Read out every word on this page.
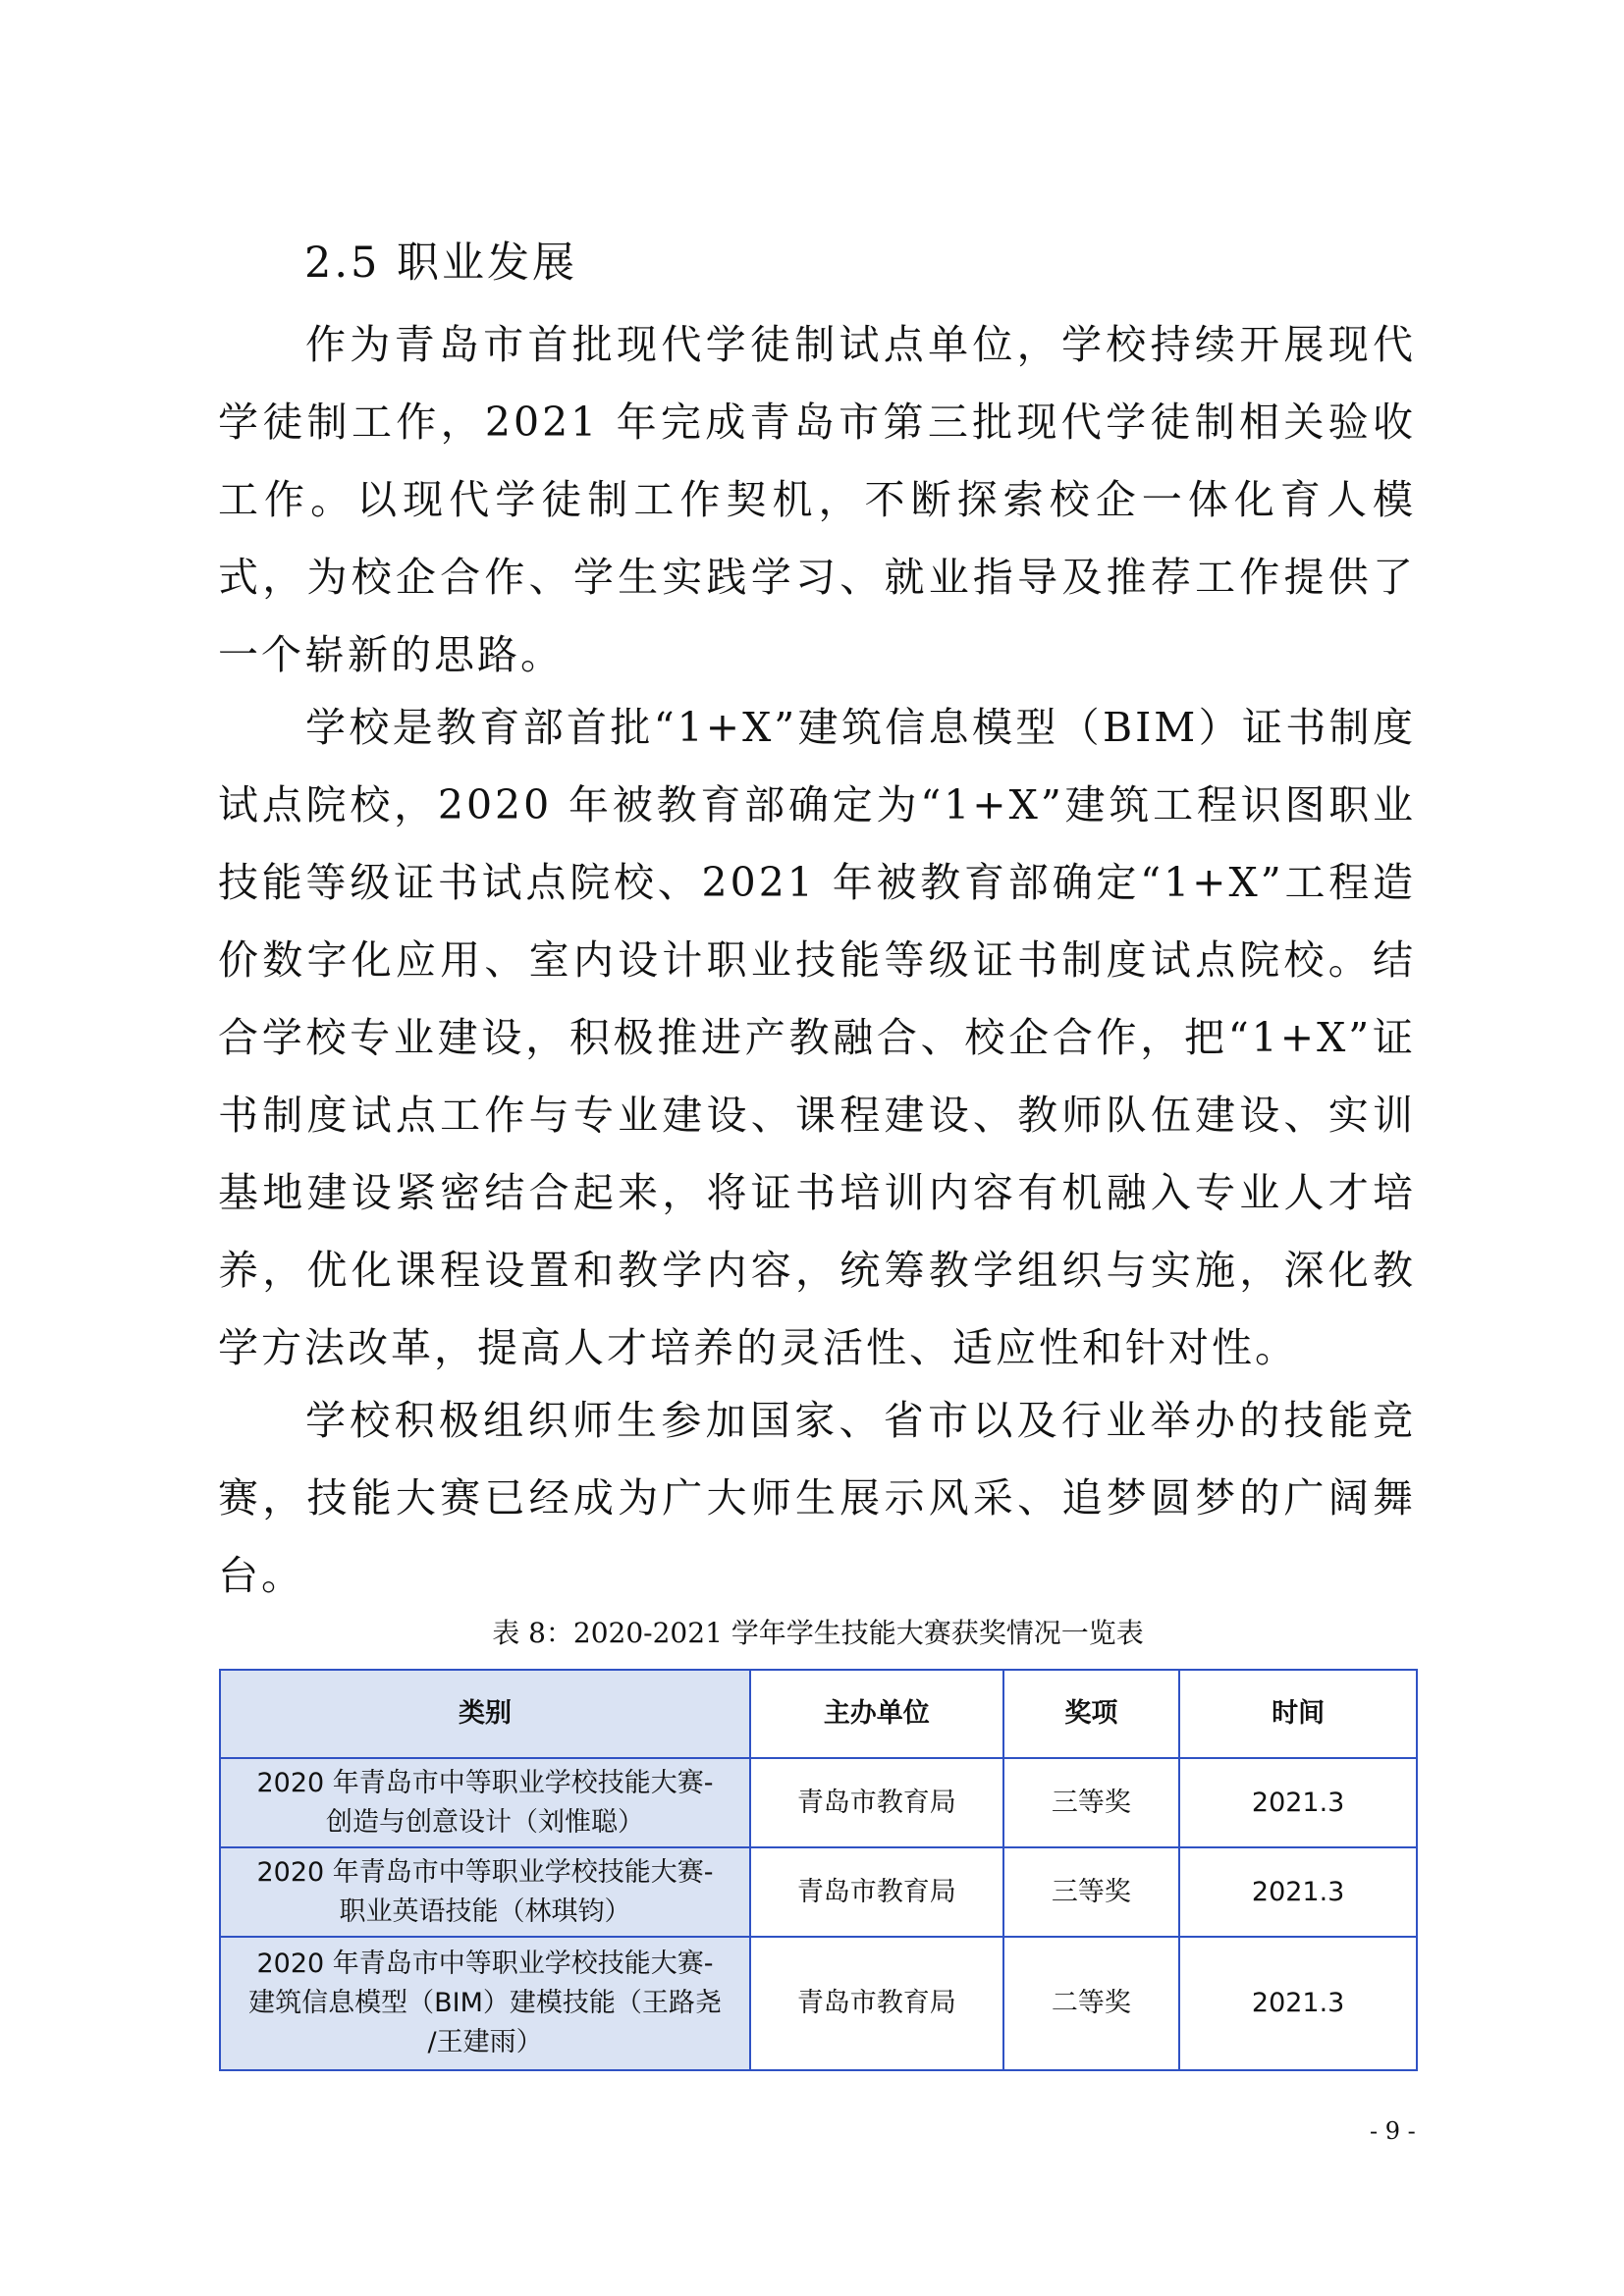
2.5 职业发展

作为青岛市首批现代学徒制试点单位，学校持续开展现代学徒制工作，2021 年完成青岛市第三批现代学徒制相关验收工作。以现代学徒制工作契机，不断探索校企一体化育人模式，为校企合作、学生实践学习、就业指导及推荐工作提供了一个崭新的思路。

学校是教育部首批“1+X”建筑信息模型（BIM）证书制度试点院校，2020 年被教育部确定为“1+X”建筑工程识图职业技能等级证书试点院校、2021 年被教育部确定“1+X”工程造价数字化应用、室内设计职业技能等级证书制度试点院校。结合学校专业建设，积极推进产教融合、校企合作，把“1+X”证书制度试点工作与专业建设、课程建设、教师队伍建设、实训基地建设紧密结合起来，将证书培训内容有机融入专业人才培养，优化课程设置和教学内容，统筹教学组织与实施，深化教学方法改革，提高人才培养的灵活性、适应性和针对性。

学校积极组织师生参加国家、省市以及行业举办的技能竞赛，技能大赛已经成为广大师生展示风采、追梦圆梦的广阔舞台。

表 8：2020-2021 学年学生技能大赛获奖情况一览表
类别	主办单位	奖项	时间

2020 年青岛市中等职业学校技能大赛-
创造与创意设计（刘惟聪）	青岛市教育局	三等奖	2021.3

2020 年青岛市中等职业学校技能大赛-
职业英语技能（林琪钧）	青岛市教育局	三等奖	2021.3

2020 年青岛市中等职业学校技能大赛-
建筑信息模型（BIM）建模技能（王路尧
/王建雨）	青岛市教育局	二等奖	2021.3
- 9 -
